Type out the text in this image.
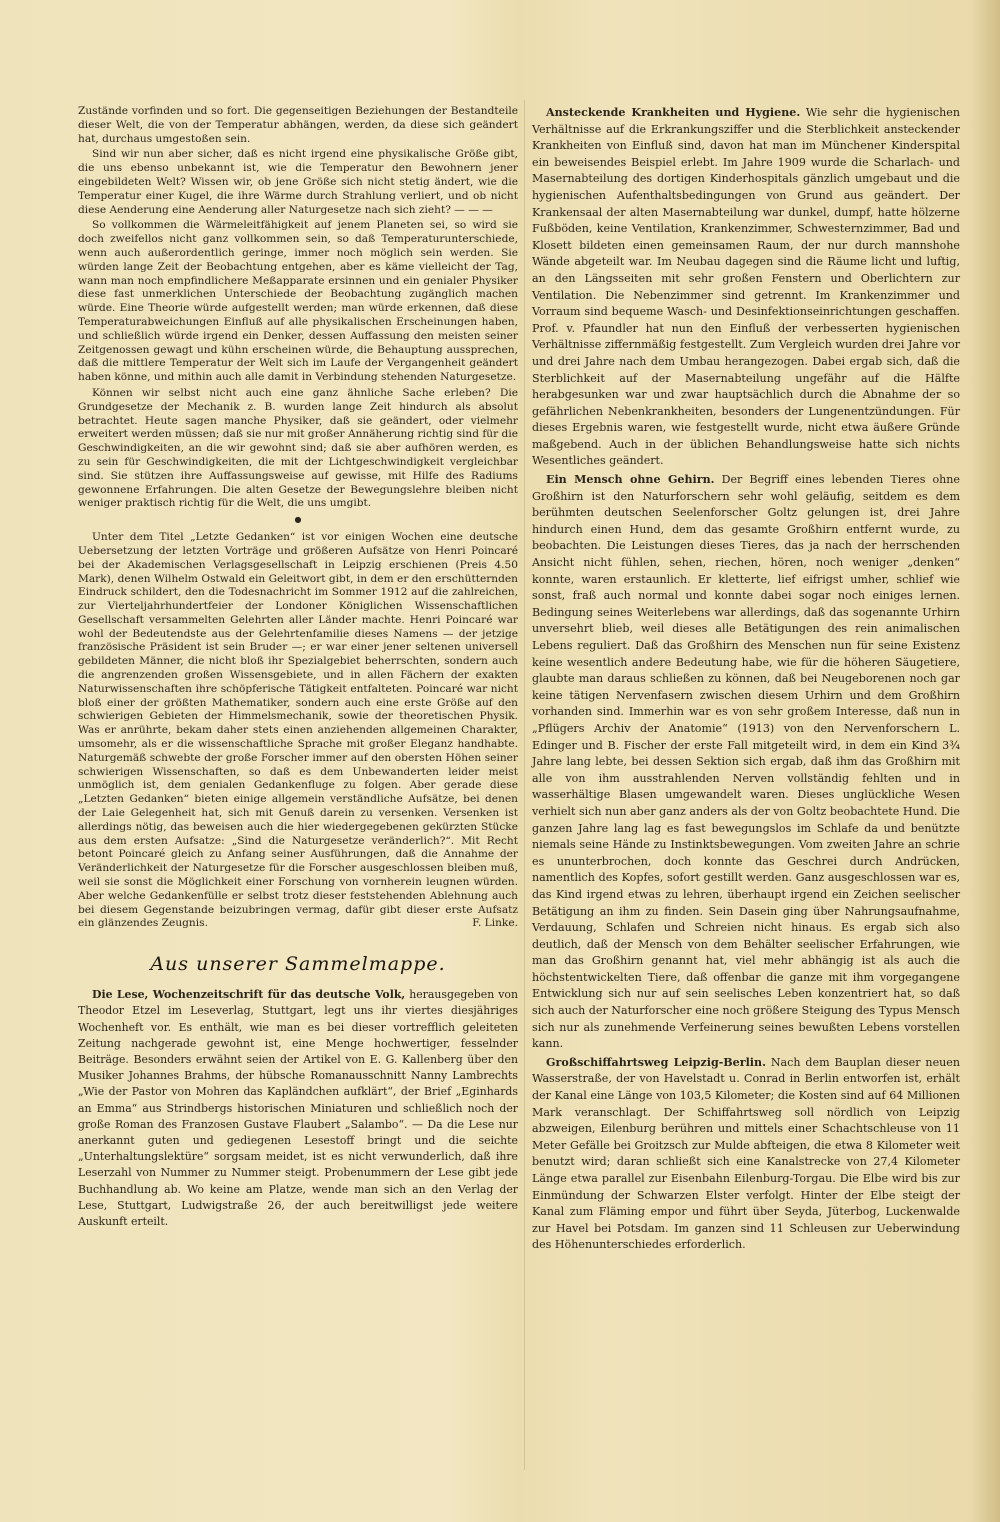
Zustände vorfinden und so fort. Die gegenseitigen Beziehungen der Bestandteile dieser Welt, die von der Temperatur abhängen, werden, da diese sich geändert hat, durchaus umgestoßen sein.

Sind wir nun aber sicher, daß es nicht irgend eine physikalische Größe gibt, die uns ebenso unbekannt ist, wie die Temperatur den Bewohnern jener eingebildeten Welt? Wissen wir, ob jene Größe sich nicht stetig ändert, wie die Temperatur einer Kugel, die ihre Wärme durch Strahlung verliert, und ob nicht diese Aenderung eine Aenderung aller Naturgesetze nach sich zieht? — — —

So vollkommen die Wärmeleitfähigkeit auf jenem Planeten sei, so wird sie doch zweifellos nicht ganz vollkommen sein, so daß Temperaturunterschiede, wenn auch außerordentlich geringe, immer noch möglich sein werden. Sie würden lange Zeit der Beobachtung entgehen, aber es käme vielleicht der Tag, wann man noch empfindlichere Meßapparate ersinnen und ein genialer Physiker diese fast unmerklichen Unterschiede der Beobachtung zugänglich machen würde. Eine Theorie würde aufgestellt werden; man würde erkennen, daß diese Temperaturabweichungen Einfluß auf alle physikalischen Erscheinungen haben, und schließlich würde irgend ein Denker, dessen Auffassung den meisten seiner Zeitgenossen gewagt und kühn erscheinen würde, die Behauptung aussprechen, daß die mittlere Temperatur der Welt sich im Laufe der Vergangenheit geändert haben könne, und mithin auch alle damit in Verbindung stehenden Naturgesetze.

Können wir selbst nicht auch eine ganz ähnliche Sache erleben? Die Grundgesetze der Mechanik z. B. wurden lange Zeit hindurch als absolut betrachtet. Heute sagen manche Physiker, daß sie geändert, oder vielmehr erweitert werden müssen; daß sie nur mit großer Annäherung richtig sind für die Geschwindigkeiten, an die wir gewohnt sind; daß sie aber aufhören werden, es zu sein für Geschwindigkeiten, die mit der Lichtgeschwindigkeit vergleichbar sind. Sie stützen ihre Auffassungsweise auf gewisse, mit Hilfe des Radiums gewonnene Erfahrungen. Die alten Gesetze der Bewegungslehre bleiben nicht weniger praktisch richtig für die Welt, die uns umgibt.

●

Unter dem Titel „Letzte Gedanken“ ist vor einigen Wochen eine deutsche Uebersetzung der letzten Vorträge und größeren Aufsätze von Henri Poincaré bei der Akademischen Verlagsgesellschaft in Leipzig erschienen (Preis 4.50 Mark), denen Wilhelm Ostwald ein Geleitwort gibt, in dem er den erschütternden Eindruck schildert, den die Todesnachricht im Sommer 1912 auf die zahlreichen, zur Vierteljahrhundertfeier der Londoner Königlichen Wissenschaftlichen Gesellschaft versammelten Gelehrten aller Länder machte. Henri Poincaré war wohl der Bedeutendste aus der Gelehrtenfamilie dieses Namens — der jetzige französische Präsident ist sein Bruder —; er war einer jener seltenen universell gebildeten Männer, die nicht bloß ihr Spezialgebiet beherrschten, sondern auch die angrenzenden großen Wissensgebiete, und in allen Fächern der exakten Naturwissenschaften ihre schöpferische Tätigkeit entfalteten. Poincaré war nicht bloß einer der größten Mathematiker, sondern auch eine erste Größe auf den schwierigen Gebieten der Himmelsmechanik, sowie der theoretischen Physik. Was er anrührte, bekam daher stets einen anziehenden allgemeinen Charakter, umsomehr, als er die wissenschaftliche Sprache mit großer Eleganz handhabte. Naturgemäß schwebte der große Forscher immer auf den obersten Höhen seiner schwierigen Wissenschaften, so daß es dem Unbewanderten leider meist unmöglich ist, dem genialen Gedankenfluge zu folgen. Aber gerade diese „Letzten Gedanken“ bieten einige allgemein verständliche Aufsätze, bei denen der Laie Gelegenheit hat, sich mit Genuß darein zu versenken. Versenken ist allerdings nötig, das beweisen auch die hier wiedergegebenen gekürzten Stücke aus dem ersten Aufsatze: „Sind die Naturgesetze veränderlich?“. Mit Recht betont Poincaré gleich zu Anfang seiner Ausführungen, daß die Annahme der Veränderlichkeit der Naturgesetze für die Forscher ausgeschlossen bleiben muß, weil sie sonst die Möglichkeit einer Forschung von vornherein leugnen würden. Aber welche Gedankenfülle er selbst trotz dieser feststehenden Ablehnung auch bei diesem Gegenstande beizubringen vermag, dafür gibt dieser erste Aufsatz ein glänzendes Zeugnis.	F. Linke.

Aus unserer Sammelmappe.

Die Lese, Wochenzeitschrift für das deutsche Volk, herausgegeben von Theodor Etzel im Leseverlag, Stuttgart, legt uns ihr viertes diesjähriges Wochenheft vor. Es enthält, wie man es bei dieser vortrefflich geleiteten Zeitung nachgerade gewohnt ist, eine Menge hochwertiger, fesselnder Beiträge. Besonders erwähnt seien der Artikel von E. G. Kallenberg über den Musiker Johannes Brahms, der hübsche Romanausschnitt Nanny Lambrechts „Wie der Pastor von Mohren das Kapländchen aufklärt“, der Brief „Eginhards an Emma“ aus Strindbergs historischen Miniaturen und schließlich noch der große Roman des Franzosen Gustave Flaubert „Salambo“. — Da die Lese nur anerkannt guten und gediegenen Lesestoff bringt und die seichte „Unterhaltungslektüre“ sorgsam meidet, ist es nicht verwunderlich, daß ihre Leserzahl von Nummer zu Nummer steigt. Probenummern der Lese gibt jede Buchhandlung ab. Wo keine am Platze, wende man sich an den Verlag der Lese, Stuttgart, Ludwigstraße 26, der auch bereitwilligst jede weitere Auskunft erteilt.

Ansteckende Krankheiten und Hygiene. Wie sehr die hygienischen Verhältnisse auf die Erkrankungsziffer und die Sterblichkeit ansteckender Krankheiten von Einfluß sind, davon hat man im Münchener Kinderspital ein beweisendes Beispiel erlebt. Im Jahre 1909 wurde die Scharlach- und Masernabteilung des dortigen Kinderhospitals gänzlich umgebaut und die hygienischen Aufenthaltsbedingungen von Grund aus geändert. Der Krankensaal der alten Masernabteilung war dunkel, dumpf, hatte hölzerne Fußböden, keine Ventilation, Krankenzimmer, Schwesternzimmer, Bad und Klosett bildeten einen gemeinsamen Raum, der nur durch mannshohe Wände abgeteilt war. Im Neubau dagegen sind die Räume licht und luftig, an den Längsseiten mit sehr großen Fenstern und Oberlichtern zur Ventilation. Die Nebenzimmer sind getrennt. Im Krankenzimmer und Vorraum sind bequeme Wasch- und Desinfektionseinrichtungen geschaffen. Prof. v. Pfaundler hat nun den Einfluß der verbesserten hygienischen Verhältnisse ziffernmäßig festgestellt. Zum Vergleich wurden drei Jahre vor und drei Jahre nach dem Umbau herangezogen. Dabei ergab sich, daß die Sterblichkeit auf der Masernabteilung ungefähr auf die Hälfte herabgesunken war und zwar hauptsächlich durch die Abnahme der so gefährlichen Nebenkrankheiten, besonders der Lungenentzündungen. Für dieses Ergebnis waren, wie festgestellt wurde, nicht etwa äußere Gründe maßgebend. Auch in der üblichen Behandlungsweise hatte sich nichts Wesentliches geändert.

Ein Mensch ohne Gehirn. Der Begriff eines lebenden Tieres ohne Großhirn ist den Naturforschern sehr wohl geläufig, seitdem es dem berühmten deutschen Seelenforscher Goltz gelungen ist, drei Jahre hindurch einen Hund, dem das gesamte Großhirn entfernt wurde, zu beobachten. Die Leistungen dieses Tieres, das ja nach der herrschenden Ansicht nicht fühlen, sehen, riechen, hören, noch weniger „denken“ konnte, waren erstaunlich. Er kletterte, lief eifrigst umher, schlief wie sonst, fraß auch normal und konnte dabei sogar noch einiges lernen. Bedingung seines Weiterlebens war allerdings, daß das sogenannte Urhirn unversehrt blieb, weil dieses alle Betätigungen des rein animalischen Lebens reguliert. Daß das Großhirn des Menschen nun für seine Existenz keine wesentlich andere Bedeutung habe, wie für die höheren Säugetiere, glaubte man daraus schließen zu können, daß bei Neugeborenen noch gar keine tätigen Nervenfasern zwischen diesem Urhirn und dem Großhirn vorhanden sind. Immerhin war es von sehr großem Interesse, daß nun in „Pflügers Archiv der Anatomie“ (1913) von den Nervenforschern L. Edinger und B. Fischer der erste Fall mitgeteilt wird, in dem ein Kind 3¾ Jahre lang lebte, bei dessen Sektion sich ergab, daß ihm das Großhirn mit alle von ihm ausstrahlenden Nerven vollständig fehlten und in wasserhältige Blasen umgewandelt waren. Dieses unglückliche Wesen verhielt sich nun aber ganz anders als der von Goltz beobachtete Hund. Die ganzen Jahre lang lag es fast bewegungslos im Schlafe da und benützte niemals seine Hände zu Instinktsbewegungen. Vom zweiten Jahre an schrie es ununterbrochen, doch konnte das Geschrei durch Andrücken, namentlich des Kopfes, sofort gestillt werden. Ganz ausgeschlossen war es, das Kind irgend etwas zu lehren, überhaupt irgend ein Zeichen seelischer Betätigung an ihm zu finden. Sein Dasein ging über Nahrungsaufnahme, Verdauung, Schlafen und Schreien nicht hinaus. Es ergab sich also deutlich, daß der Mensch von dem Behälter seelischer Erfahrungen, wie man das Großhirn genannt hat, viel mehr abhängig ist als auch die höchstentwickelten Tiere, daß offenbar die ganze mit ihm vorgegangene Entwicklung sich nur auf sein seelisches Leben konzentriert hat, so daß sich auch der Naturforscher eine noch größere Steigung des Typus Mensch sich nur als zunehmende Verfeinerung seines bewußten Lebens vorstellen kann.

Großschiffahrtsweg Leipzig-Berlin. Nach dem Bauplan dieser neuen Wasserstraße, der von Havelstadt u. Conrad in Berlin entworfen ist, erhält der Kanal eine Länge von 103,5 Kilometer; die Kosten sind auf 64 Millionen Mark veranschlagt. Der Schiffahrtsweg soll nördlich von Leipzig abzweigen, Eilenburg berühren und mittels einer Schachtschleuse von 11 Meter Gefälle bei Groitzsch zur Mulde abfteigen, die etwa 8 Kilometer weit benutzt wird; daran schließt sich eine Kanalstrecke von 27,4 Kilometer Länge etwa parallel zur Eisenbahn Eilenburg-Torgau. Die Elbe wird bis zur Einmündung der Schwarzen Elster verfolgt. Hinter der Elbe steigt der Kanal zum Fläming empor und führt über Seyda, Jüterbog, Luckenwalde zur Havel bei Potsdam. Im ganzen sind 11 Schleusen zur Ueberwindung des Höhenunterschiedes erforderlich.
